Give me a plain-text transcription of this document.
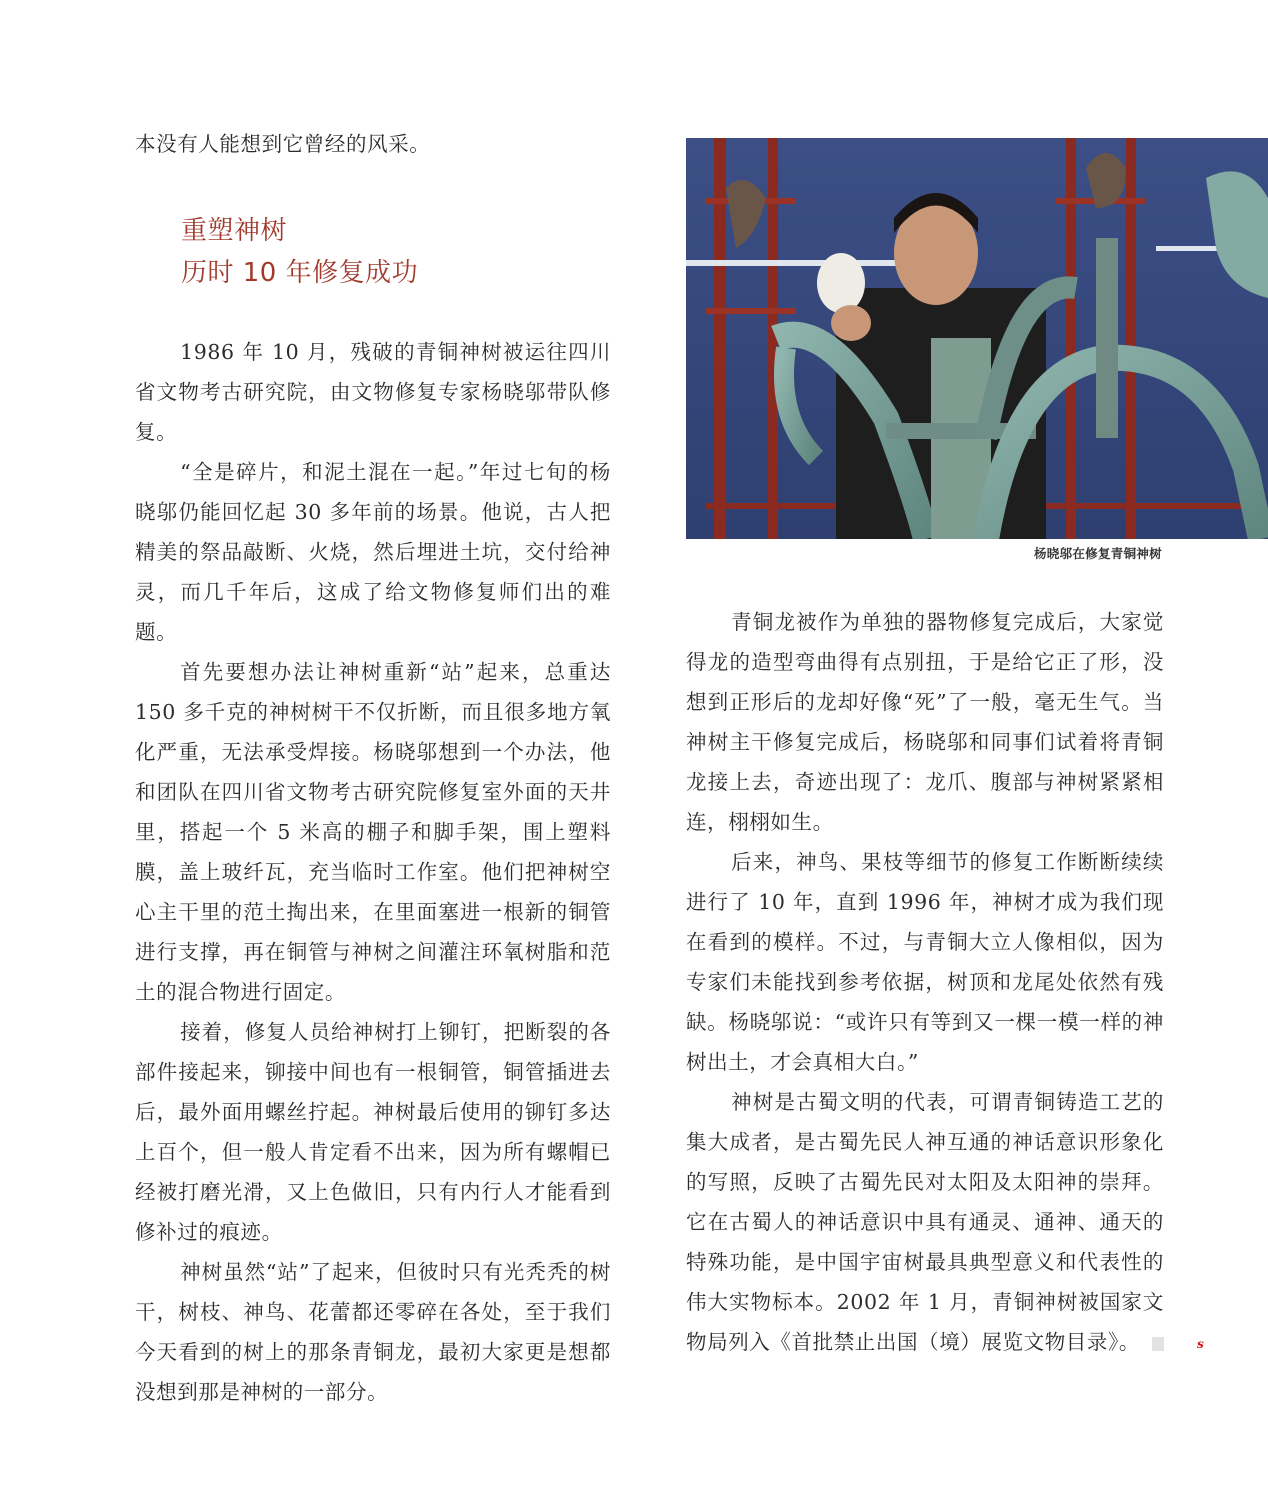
本没有人能想到它曾经的风采。

重塑神树
历时 10 年修复成功

1986 年 10 月，残破的青铜神树被运往四川省文物考古研究院，由文物修复专家杨晓邬带队修复。

“全是碎片，和泥土混在一起。”年过七旬的杨晓邬仍能回忆起 30 多年前的场景。他说，古人把精美的祭品敲断、火烧，然后埋进土坑，交付给神灵，而几千年后，这成了给文物修复师们出的难题。

首先要想办法让神树重新“站”起来，总重达 150 多千克的神树树干不仅折断，而且很多地方氧化严重，无法承受焊接。杨晓邬想到一个办法，他和团队在四川省文物考古研究院修复室外面的天井里，搭起一个 5 米高的棚子和脚手架，围上塑料膜，盖上玻纤瓦，充当临时工作室。他们把神树空心主干里的范土掏出来，在里面塞进一根新的铜管进行支撑，再在铜管与神树之间灌注环氧树脂和范土的混合物进行固定。

接着，修复人员给神树打上铆钉，把断裂的各部件接起来，铆接中间也有一根铜管，铜管插进去后，最外面用螺丝拧起。神树最后使用的铆钉多达上百个，但一般人肯定看不出来，因为所有螺帽已经被打磨光滑，又上色做旧，只有内行人才能看到修补过的痕迹。

神树虽然“站”了起来，但彼时只有光秃秃的树干，树枝、神鸟、花蕾都还零碎在各处，至于我们今天看到的树上的那条青铜龙，最初大家更是想都没想到那是神树的一部分。

杨晓邬在修复青铜神树

青铜龙被作为单独的器物修复完成后，大家觉得龙的造型弯曲得有点别扭，于是给它正了形，没想到正形后的龙却好像“死”了一般，毫无生气。当神树主干修复完成后，杨晓邬和同事们试着将青铜龙接上去，奇迹出现了：龙爪、腹部与神树紧紧相连，栩栩如生。

后来，神鸟、果枝等细节的修复工作断断续续进行了 10 年，直到 1996 年，神树才成为我们现在看到的模样。不过，与青铜大立人像相似，因为专家们未能找到参考依据，树顶和龙尾处依然有残缺。杨晓邬说：“或许只有等到又一棵一模一样的神树出土，才会真相大白。”

神树是古蜀文明的代表，可谓青铜铸造工艺的集大成者，是古蜀先民人神互通的神话意识形象化的写照，反映了古蜀先民对太阳及太阳神的崇拜。它在古蜀人的神话意识中具有通灵、通神、通天的特殊功能，是中国宇宙树最具典型意义和代表性的伟大实物标本。2002 年 1 月，青铜神树被国家文物局列入《首批禁止出国（境）展览文物目录》。	s
